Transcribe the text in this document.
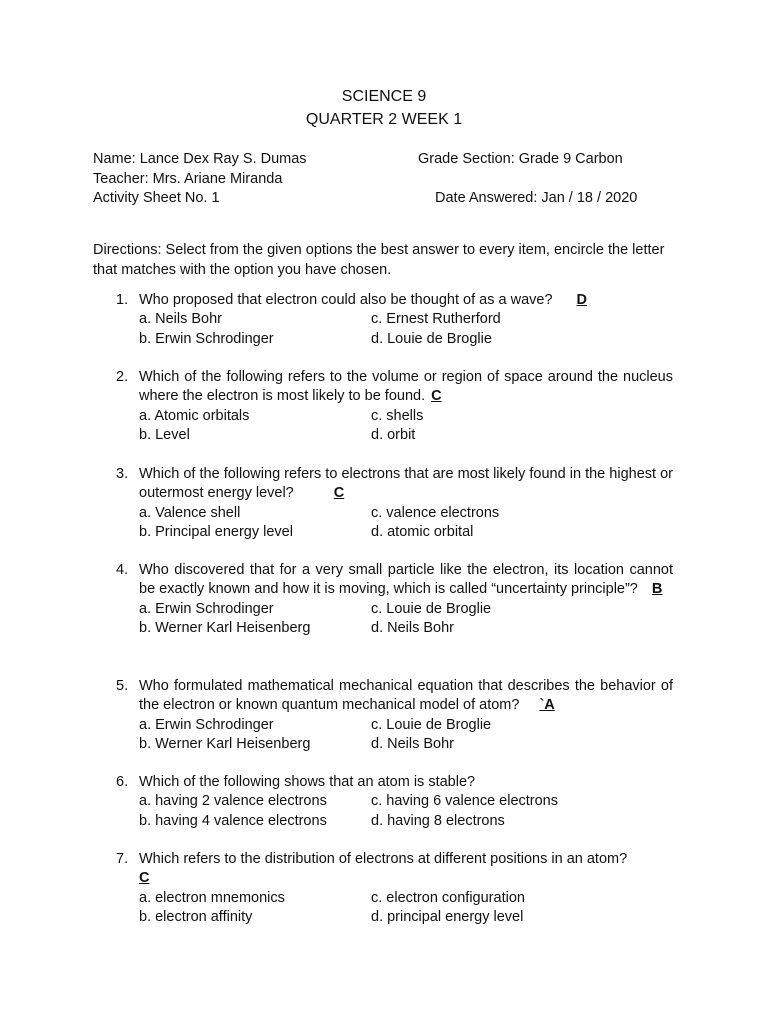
SCIENCE 9
QUARTER 2 WEEK 1
Name: Lance Dex Ray S. Dumas	Grade Section: Grade 9 Carbon
Teacher: Mrs. Ariane Miranda
Activity Sheet No. 1	Date Answered: Jan / 18 / 2020
Directions: Select from the given options the best answer to every item, encircle the letter that matches with the option you have chosen.
1. Who proposed that electron could also be thought of as a wave? D
a. Neils Bohr
b. Erwin Schrodinger
c. Ernest Rutherford
d. Louie de Broglie
2. Which of the following refers to the volume or region of space around the nucleus where the electron is most likely to be found. C
a. Atomic orbitals
b. Level
c. shells
d. orbit
3. Which of the following refers to electrons that are most likely found in the highest or outermost energy level?	C
a. Valence shell
b. Principal energy level
c. valence electrons
d. atomic orbital
4. Who discovered that for a very small particle like the electron, its location cannot be exactly known and how it is moving, which is called “uncertainty principle”? B
a. Erwin Schrodinger
b. Werner Karl Heisenberg
c. Louie de Broglie
d. Neils Bohr
5. Who formulated mathematical mechanical equation that describes the behavior of the electron or known quantum mechanical model of atom? `A
a. Erwin Schrodinger
b. Werner Karl Heisenberg
c. Louie de Broglie
d. Neils Bohr
6. Which of the following shows that an atom is stable?
a. having 2 valence electrons
b. having 4 valence electrons
c. having 6 valence electrons
d. having 8 electrons
7. Which refers to the distribution of electrons at different positions in an atom?
C
a. electron mnemonics
b. electron affinity
c. electron configuration
d. principal energy level
